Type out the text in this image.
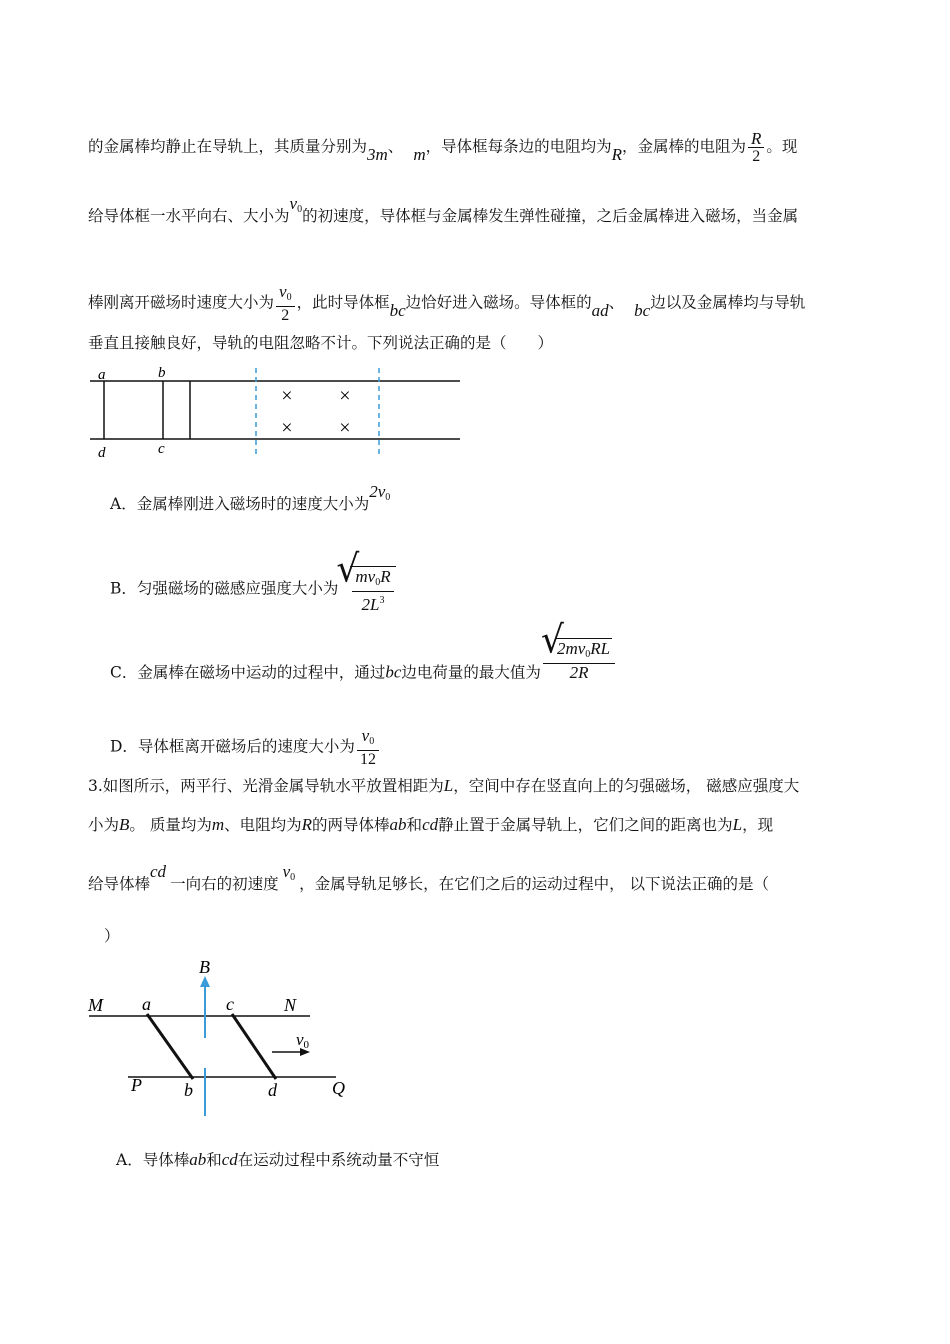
的金属棒均静止在导轨上，其质量分别为3m、 m，导体框每条边的电阻均为R，金属棒的电阻为 $\frac{R}{2}$ 。现
给导体框一水平向右、大小为$v_0$的初速度，导体框与金属棒发生弹性碰撞，之后金属棒进入磁场，当金属
棒刚离开磁场时速度大小为 $\frac{v_0}{2}$ ，此时导体框bc边恰好进入磁场。导体框的ad、 bc边以及金属棒均与导轨
垂直且接触良好，导轨的电阻忽略不计。下列说法正确的是（　　）
a	b
c
d
× ×
× ×
A．金属棒刚进入磁场时的速度大小为$2v_0$
B．匀强磁场的磁感应强度大小为 √ $\frac{mv_0R}{2L^3}$
C．金属棒在磁场中运动的过程中，通过bc边电荷量的最大值为 √ $\frac{2mv_0RL}{2R}$
D．导体框离开磁场后的速度大小为 $\frac{v_0}{12}$
3.如图所示，两平行、光滑金属导轨水平放置相距为L，空间中存在竖直向上的匀强磁场， 磁感应强度大
小为B。 质量均为m、电阻均为R的两导体棒ab和cd静止置于金属导轨上，它们之间的距离也为L，现
给导体棒cd一向右的初速度$v_0$ ，金属导轨足够长，在它们之后的运动过程中， 以下说法正确的是（
）
B
M a	c	N
v0
P b	d	Q
A．导体棒ab和cd在运动过程中系统动量不守恒
